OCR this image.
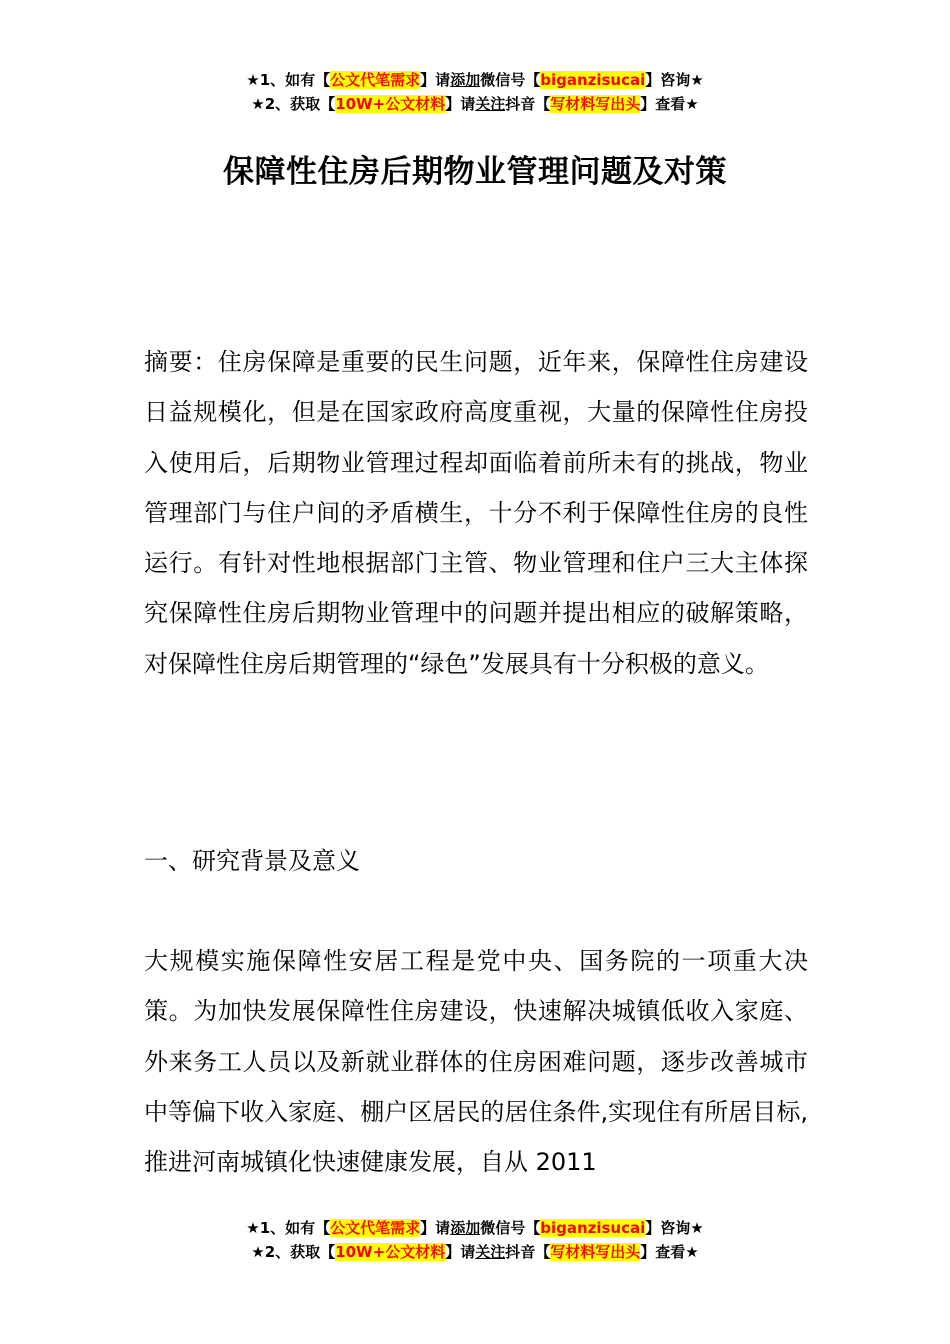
★1、如有【公文代笔需求】请添加微信号【biganzisucai】咨询★
★2、获取【10W+公文材料】请关注抖音【写材料写出头】查看★
保障性住房后期物业管理问题及对策
摘要：住房保障是重要的民生问题，近年来，保障性住房建设日益规模化，但是在国家政府高度重视，大量的保障性住房投入使用后，后期物业管理过程却面临着前所未有的挑战，物业管理部门与住户间的矛盾横生，十分不利于保障性住房的良性运行。有针对性地根据部门主管、物业管理和住户三大主体探究保障性住房后期物业管理中的问题并提出相应的破解策略，对保障性住房后期管理的“绿色”发展具有十分积极的意义。
一、研究背景及意义
大规模实施保障性安居工程是党中央、国务院的一项重大决策。为加快发展保障性住房建设，快速解决城镇低收入家庭、外来务工人员以及新就业群体的住房困难问题，逐步改善城市中等偏下收入家庭、棚户区居民的居住条件,实现住有所居目标,推进河南城镇化快速健康发展，自从 2011
★1、如有【公文代笔需求】请添加微信号【biganzisucai】咨询★
★2、获取【10W+公文材料】请关注抖音【写材料写出头】查看★
